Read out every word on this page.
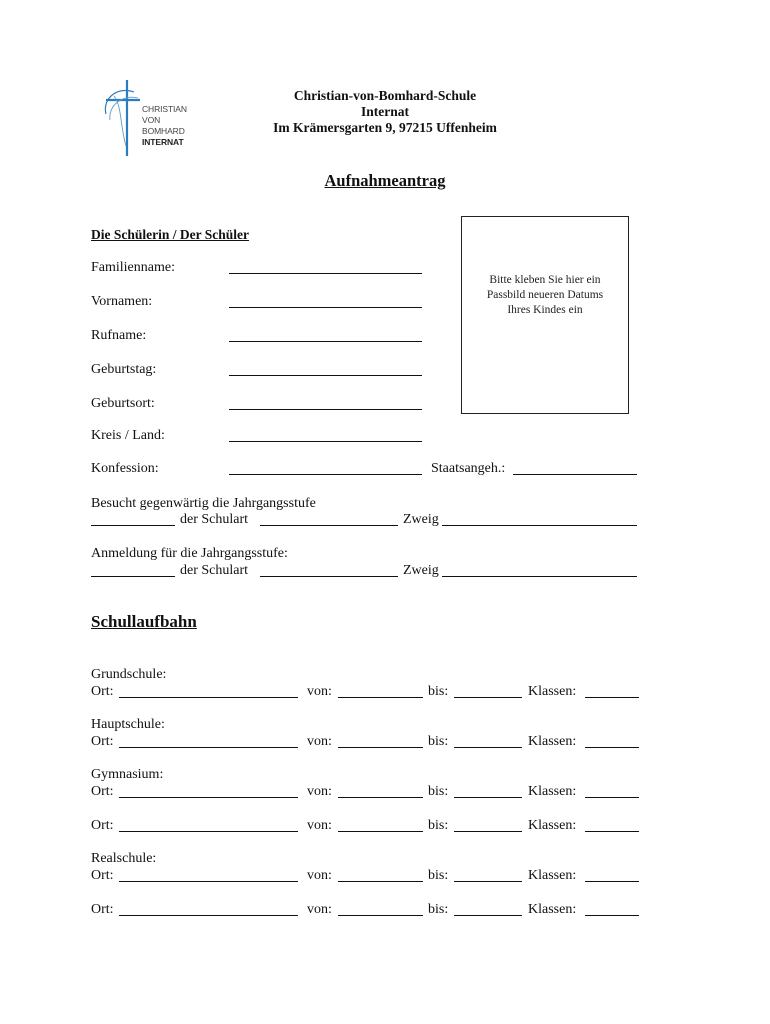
CHRISTIAN
VON
BOMHARD
INTERNAT
Christian-von-Bomhard-Schule
Internat
Im Krämersgarten 9, 97215 Uffenheim
Aufnahmeantrag
Die Schülerin / Der Schüler
Familienname:
Vornamen:
Rufname:
Geburtstag:
Geburtsort:
Kreis / Land:
Konfession:	Staatsangeh.:
Bitte kleben Sie hier ein
Passbild neueren Datums
Ihres Kindes ein
Besucht gegenwärtig die Jahrgangsstufe
der Schulart	Zweig
Anmeldung für die Jahrgangsstufe:
der Schulart	Zweig
Schullaufbahn
Grundschule:
Ort:	von:	bis:	Klassen:
Hauptschule:
Ort:	von:	bis:	Klassen:
Gymnasium:
Ort:	von:	bis:	Klassen:
Ort:	von:	bis:	Klassen:
Realschule:
Ort:	von:	bis:	Klassen:
Ort:	von:	bis:	Klassen:
